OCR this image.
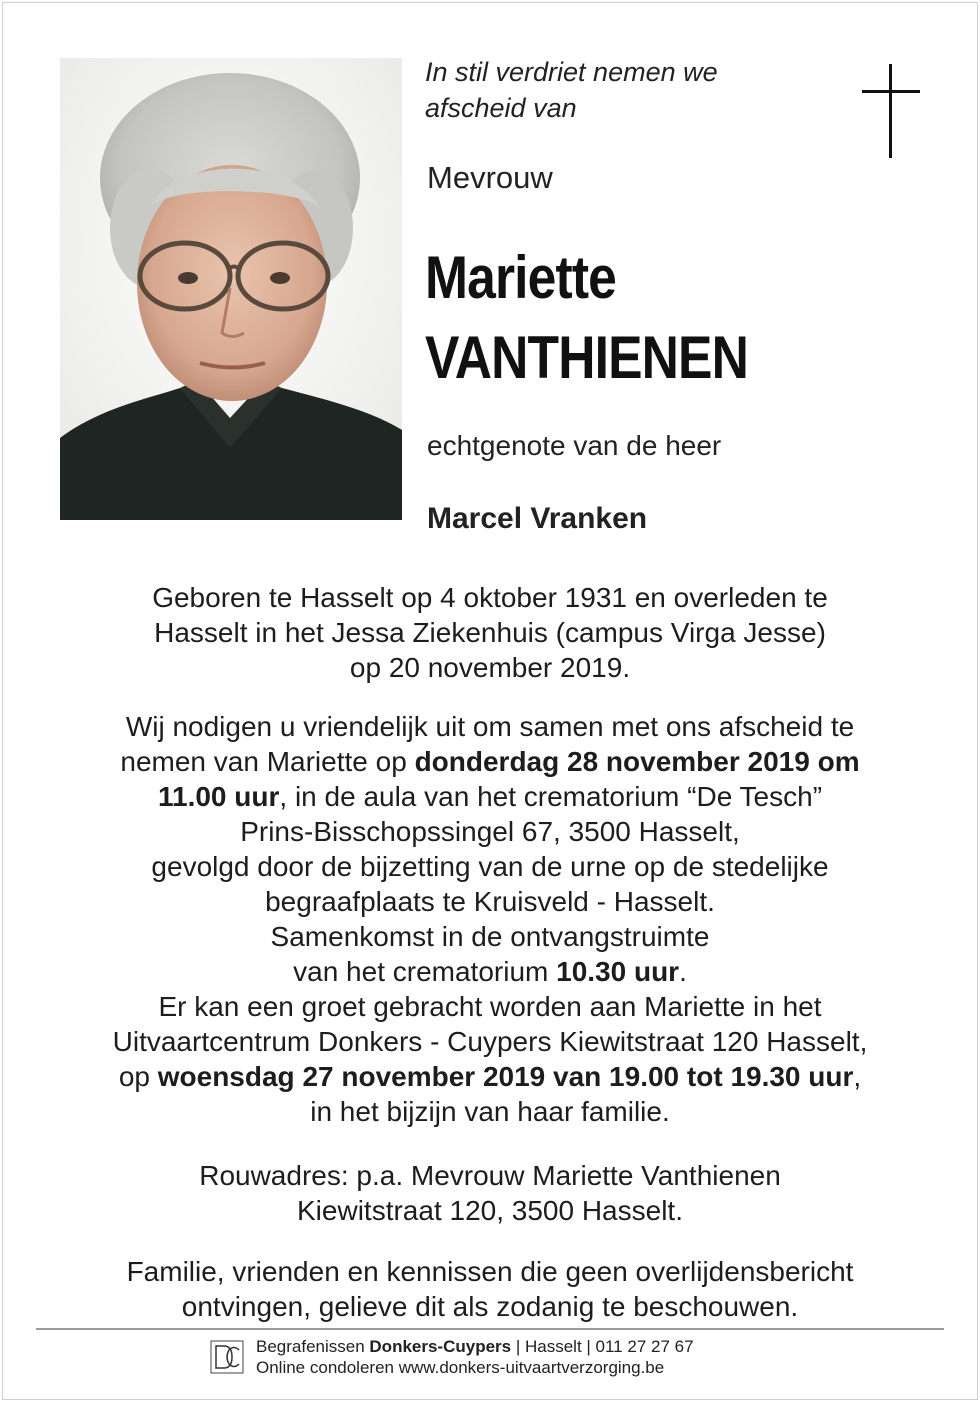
In stil verdriet nemen we
afscheid van
Mevrouw
Mariette
VANTHIENEN
echtgenote van de heer
Marcel Vranken
Geboren te Hasselt op 4 oktober 1931 en overleden te
Hasselt in het Jessa Ziekenhuis (campus Virga Jesse)
op 20 november 2019.
Wij nodigen u vriendelijk uit om samen met ons afscheid te
nemen van Mariette op donderdag 28 november 2019 om
11.00 uur, in de aula van het crematorium “De Tesch”
Prins-Bisschopssingel 67, 3500 Hasselt,
gevolgd door de bijzetting van de urne op de stedelijke
begraafplaats te Kruisveld - Hasselt.
Samenkomst in de ontvangstruimte
van het crematorium 10.30 uur.
Er kan een groet gebracht worden aan Mariette in het
Uitvaartcentrum Donkers - Cuypers Kiewitstraat 120 Hasselt,
op woensdag 27 november 2019 van 19.00 tot 19.30 uur,
in het bijzijn van haar familie.
Rouwadres: p.a. Mevrouw Mariette Vanthienen
Kiewitstraat 120, 3500 Hasselt.
Familie, vrienden en kennissen die geen overlijdensbericht
ontvingen, gelieve dit als zodanig te beschouwen.
Begrafenissen Donkers-Cuypers | Hasselt | 011 27 27 67
Online condoleren www.donkers-uitvaartverzorging.be
